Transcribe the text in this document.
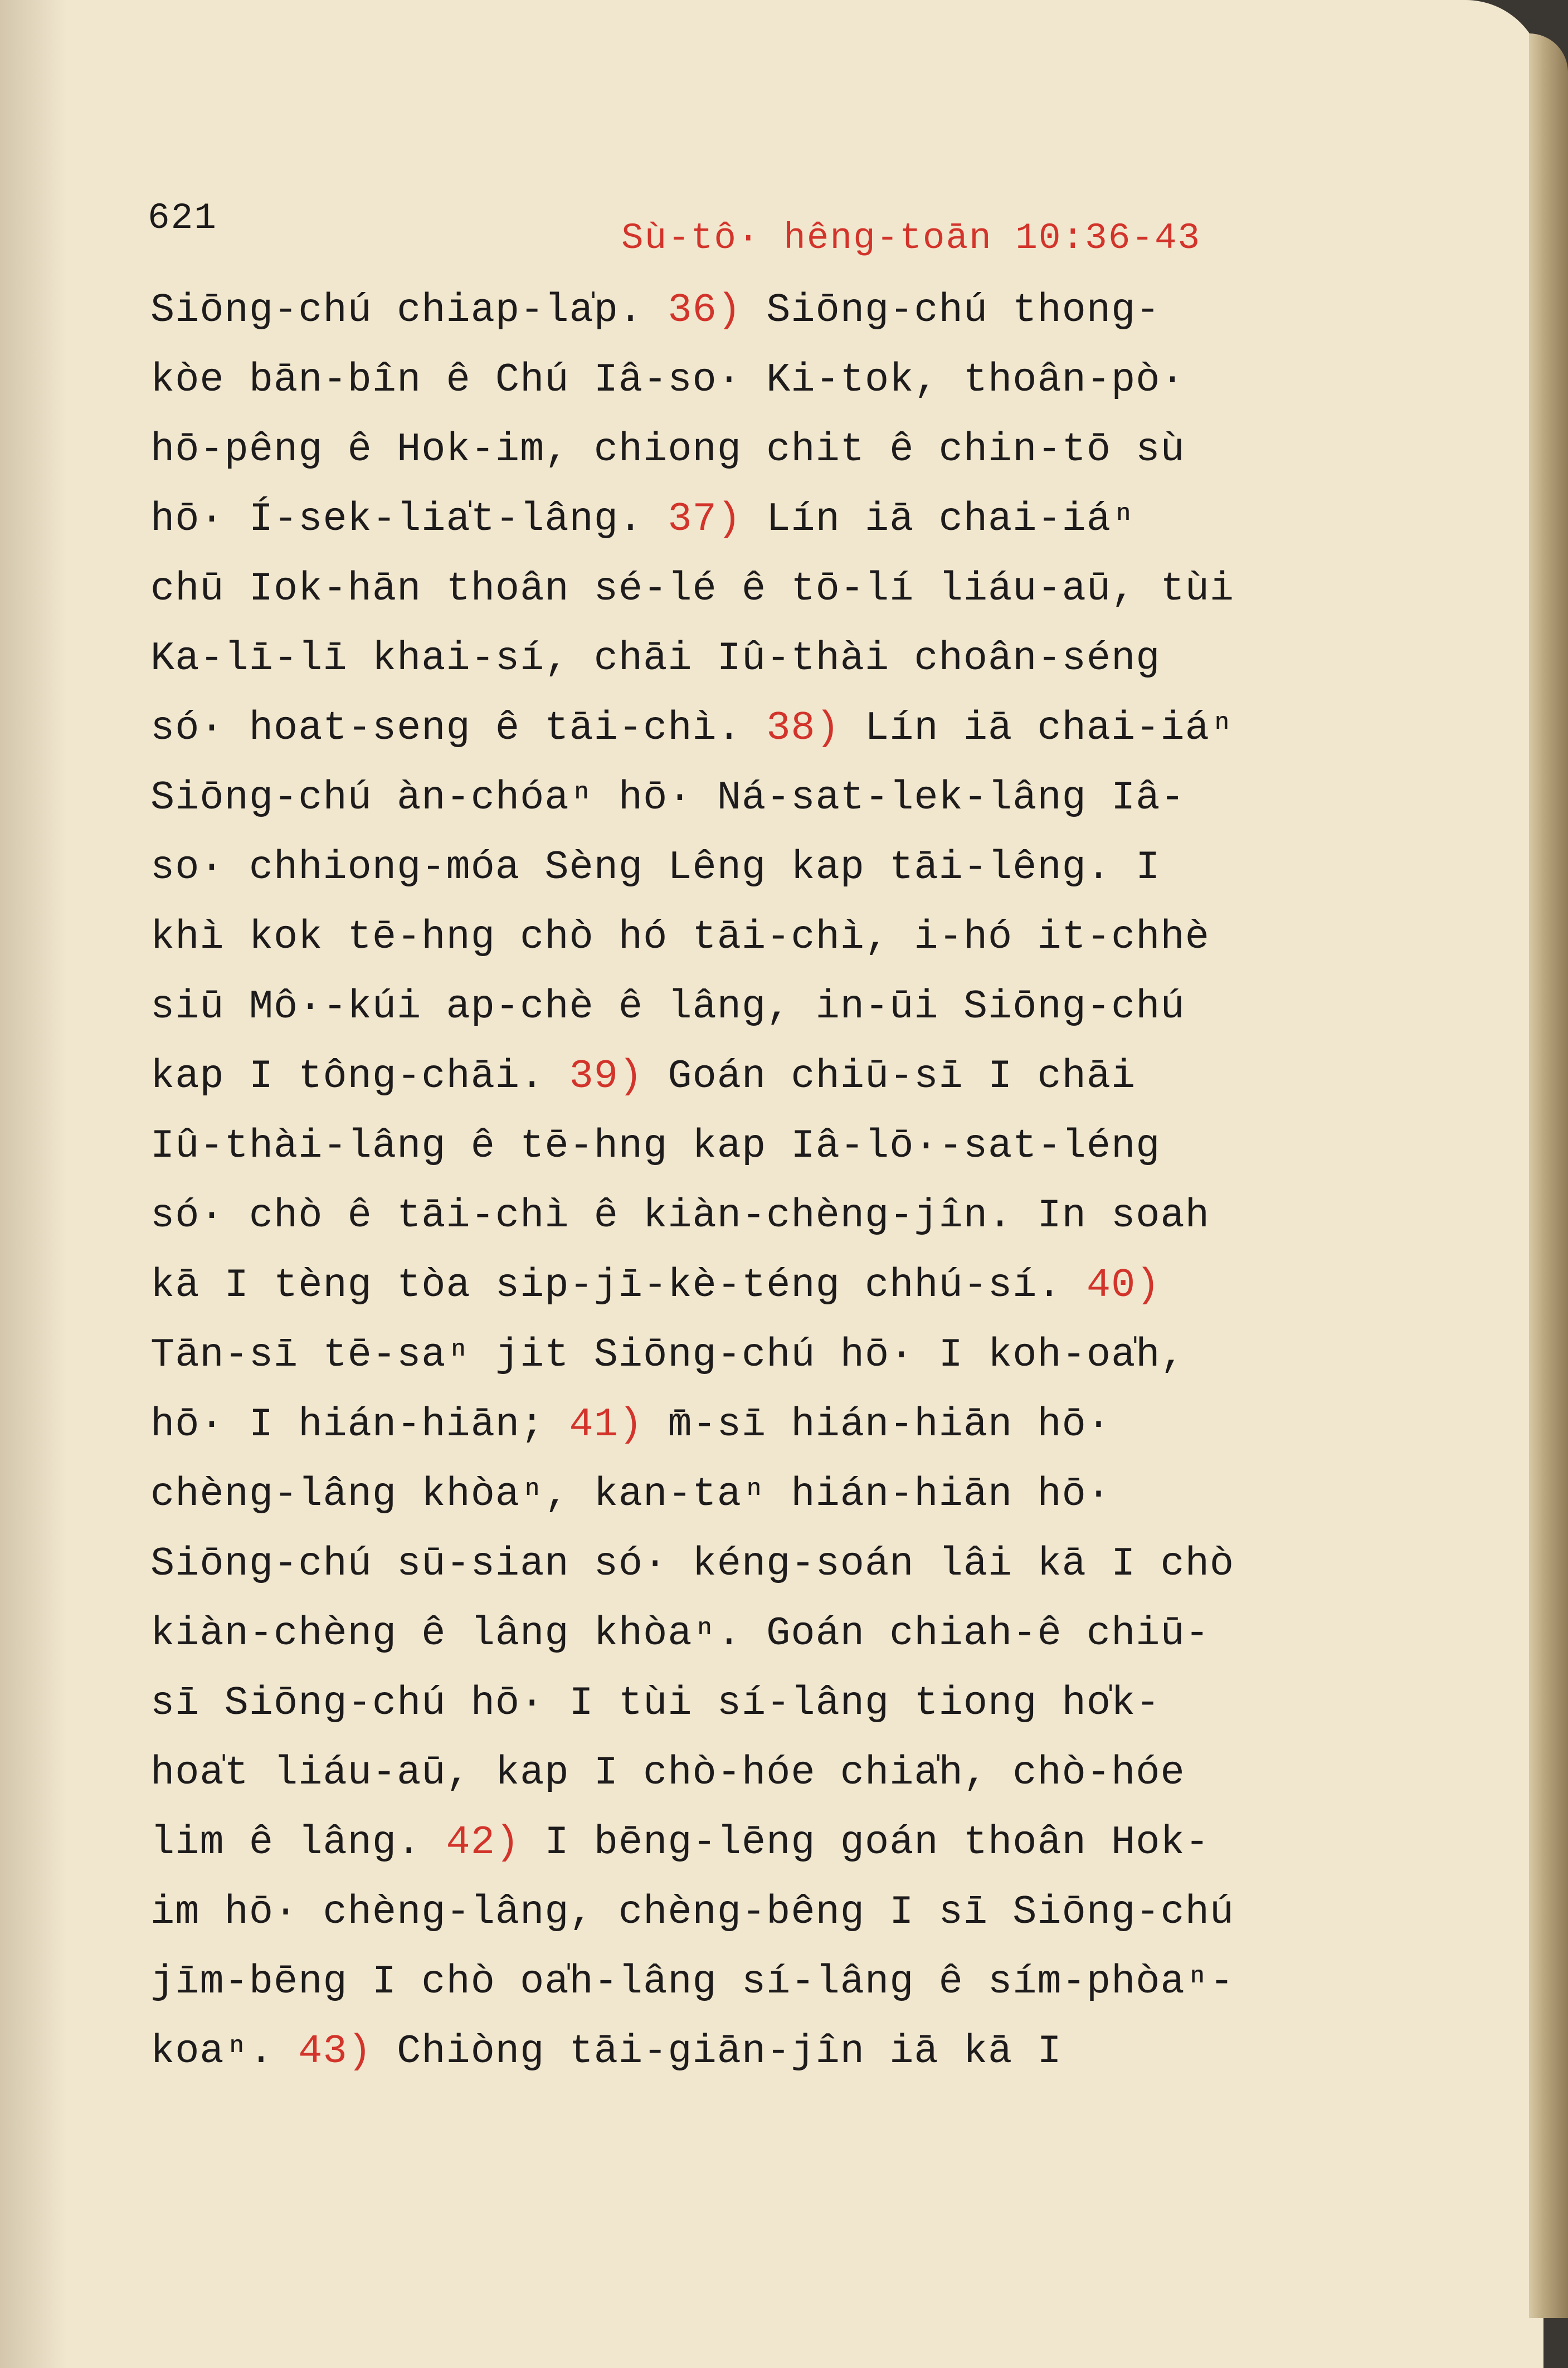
621	Sù-tô· hêng-toān 10:36-43
Siōng-chú chiap-la̍p. 36) Siōng-chú thong-
kòe bān-bîn ê Chú Iâ-so· Ki-tok, thoân-pò·
hō-pêng ê Hok-im, chiong chit ê chin-tō sù
hō· Í-sek-lia̍t-lâng. 37) Lín iā chai-iáⁿ
chū Iok-hān thoân sé-lé ê tō-lí liáu-aū, tùi
Ka-lī-lī khai-sí, chāi Iû-thài choân-séng
só· hoat-seng ê tāi-chì. 38) Lín iā chai-iáⁿ
Siōng-chú àn-chóaⁿ hō· Ná-sat-lek-lâng Iâ-
so· chhiong-móa Sèng Lêng kap tāi-lêng. I
khì kok tē-hng chò hó tāi-chì, i-hó it-chhè
siū Mô·-kúi ap-chè ê lâng, in-ūi Siōng-chú
kap I tông-chāi. 39) Goán chiū-sī I chāi
Iû-thài-lâng ê tē-hng kap Iâ-lō·-sat-léng
só· chò ê tāi-chì ê kiàn-chèng-jîn. In soah
kā I tèng tòa sip-jī-kè-téng chhú-sí. 40)
Tān-sī tē-saⁿ jit Siōng-chú hō· I koh-oa̍h,
hō· I hián-hiān; 41) m̄-sī hián-hiān hō·
chèng-lâng khòaⁿ, kan-taⁿ hián-hiān hō·
Siōng-chú sū-sian só· kéng-soán lâi kā I chò
kiàn-chèng ê lâng khòaⁿ. Goán chiah-ê chiū-
sī Siōng-chú hō· I tùi sí-lâng tiong ho̍k-
hoa̍t liáu-aū, kap I chò-hóe chia̍h, chò-hóe
lim ê lâng. 42) I bēng-lēng goán thoân Hok-
im hō· chèng-lâng, chèng-bêng I sī Siōng-chú
jīm-bēng I chò oa̍h-lâng sí-lâng ê sím-phòaⁿ-
koaⁿ. 43) Chiòng tāi-giān-jîn iā kā I
